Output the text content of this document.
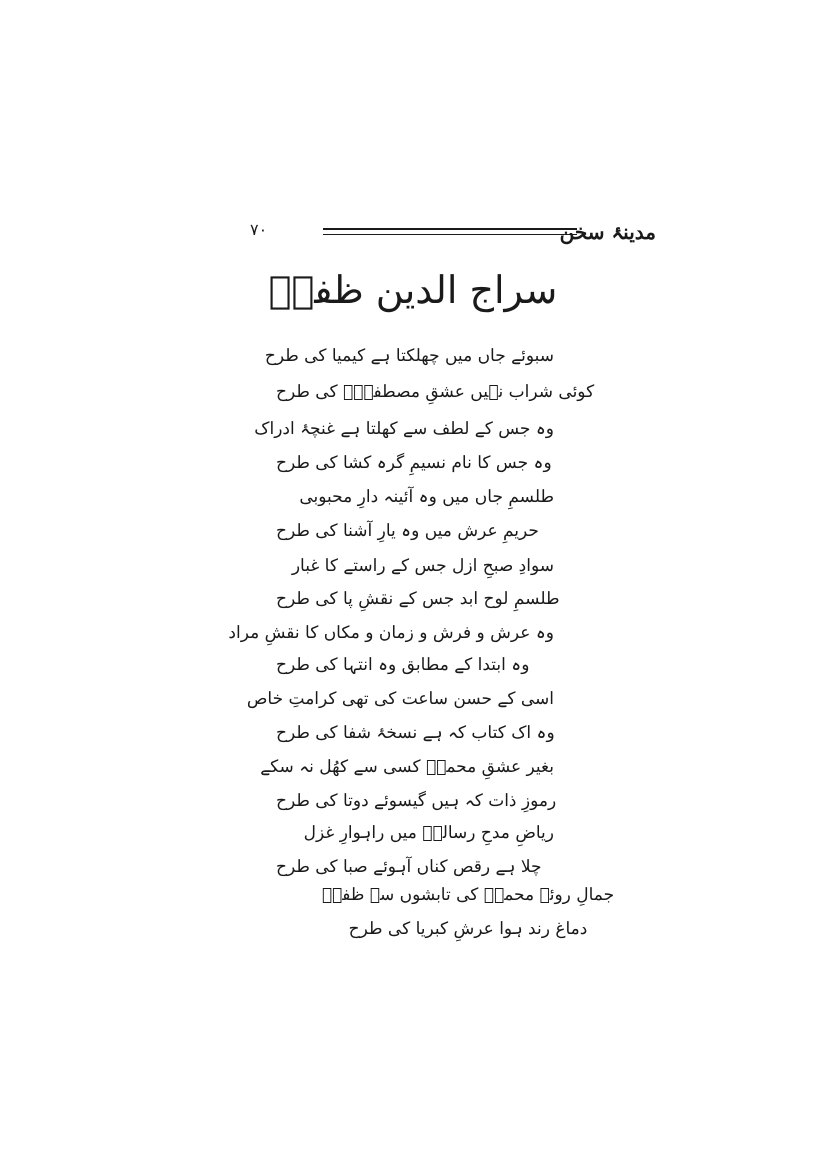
مدینۂ سخن
۷۰
سراج الدین ظفرؔ
سبوئے جاں میں چھلکتا ہے کیمیا کی طرح
کوئی شراب نہیں عشقِ مصطفیٰؐ کی طرح
وہ جس کے لطف سے کھلتا ہے غنچۂ ادراک
وہ جس کا نام نسیمِ گرہ کشا کی طرح
طلسمِ جاں میں وہ آئینہ دارِ محبوبی
حریمِ عرش میں وہ یارِ آشنا کی طرح
سوادِ صبحِ ازل جس کے راستے کا غبار
طلسمِ لوح ابد جس کے نقشِ پا کی طرح
وہ عرش و فرش و زمان و مکاں کا نقشِ مراد
وہ ابتدا کے مطابق وہ انتہا کی طرح
اسی کے حسن ساعت کی تھی کرامتِ خاص
وہ اک کتاب کہ ہے نسخۂ شفا کی طرح
بغیر عشقِ محمدؐ کسی سے کھُل نہ سکے
رموزِ ذات کہ ہیں گیسوئے دوتا کی طرح
ریاضِ مدحِ رسالتؐ میں راہوارِ غزل
چلا ہے رقص کناں آہوئے صبا کی طرح
جمالِ روئے محمدؐ کی تابشوں سے ظفرؔ
دماغ رند ہوا عرشِ کبریا کی طرح
